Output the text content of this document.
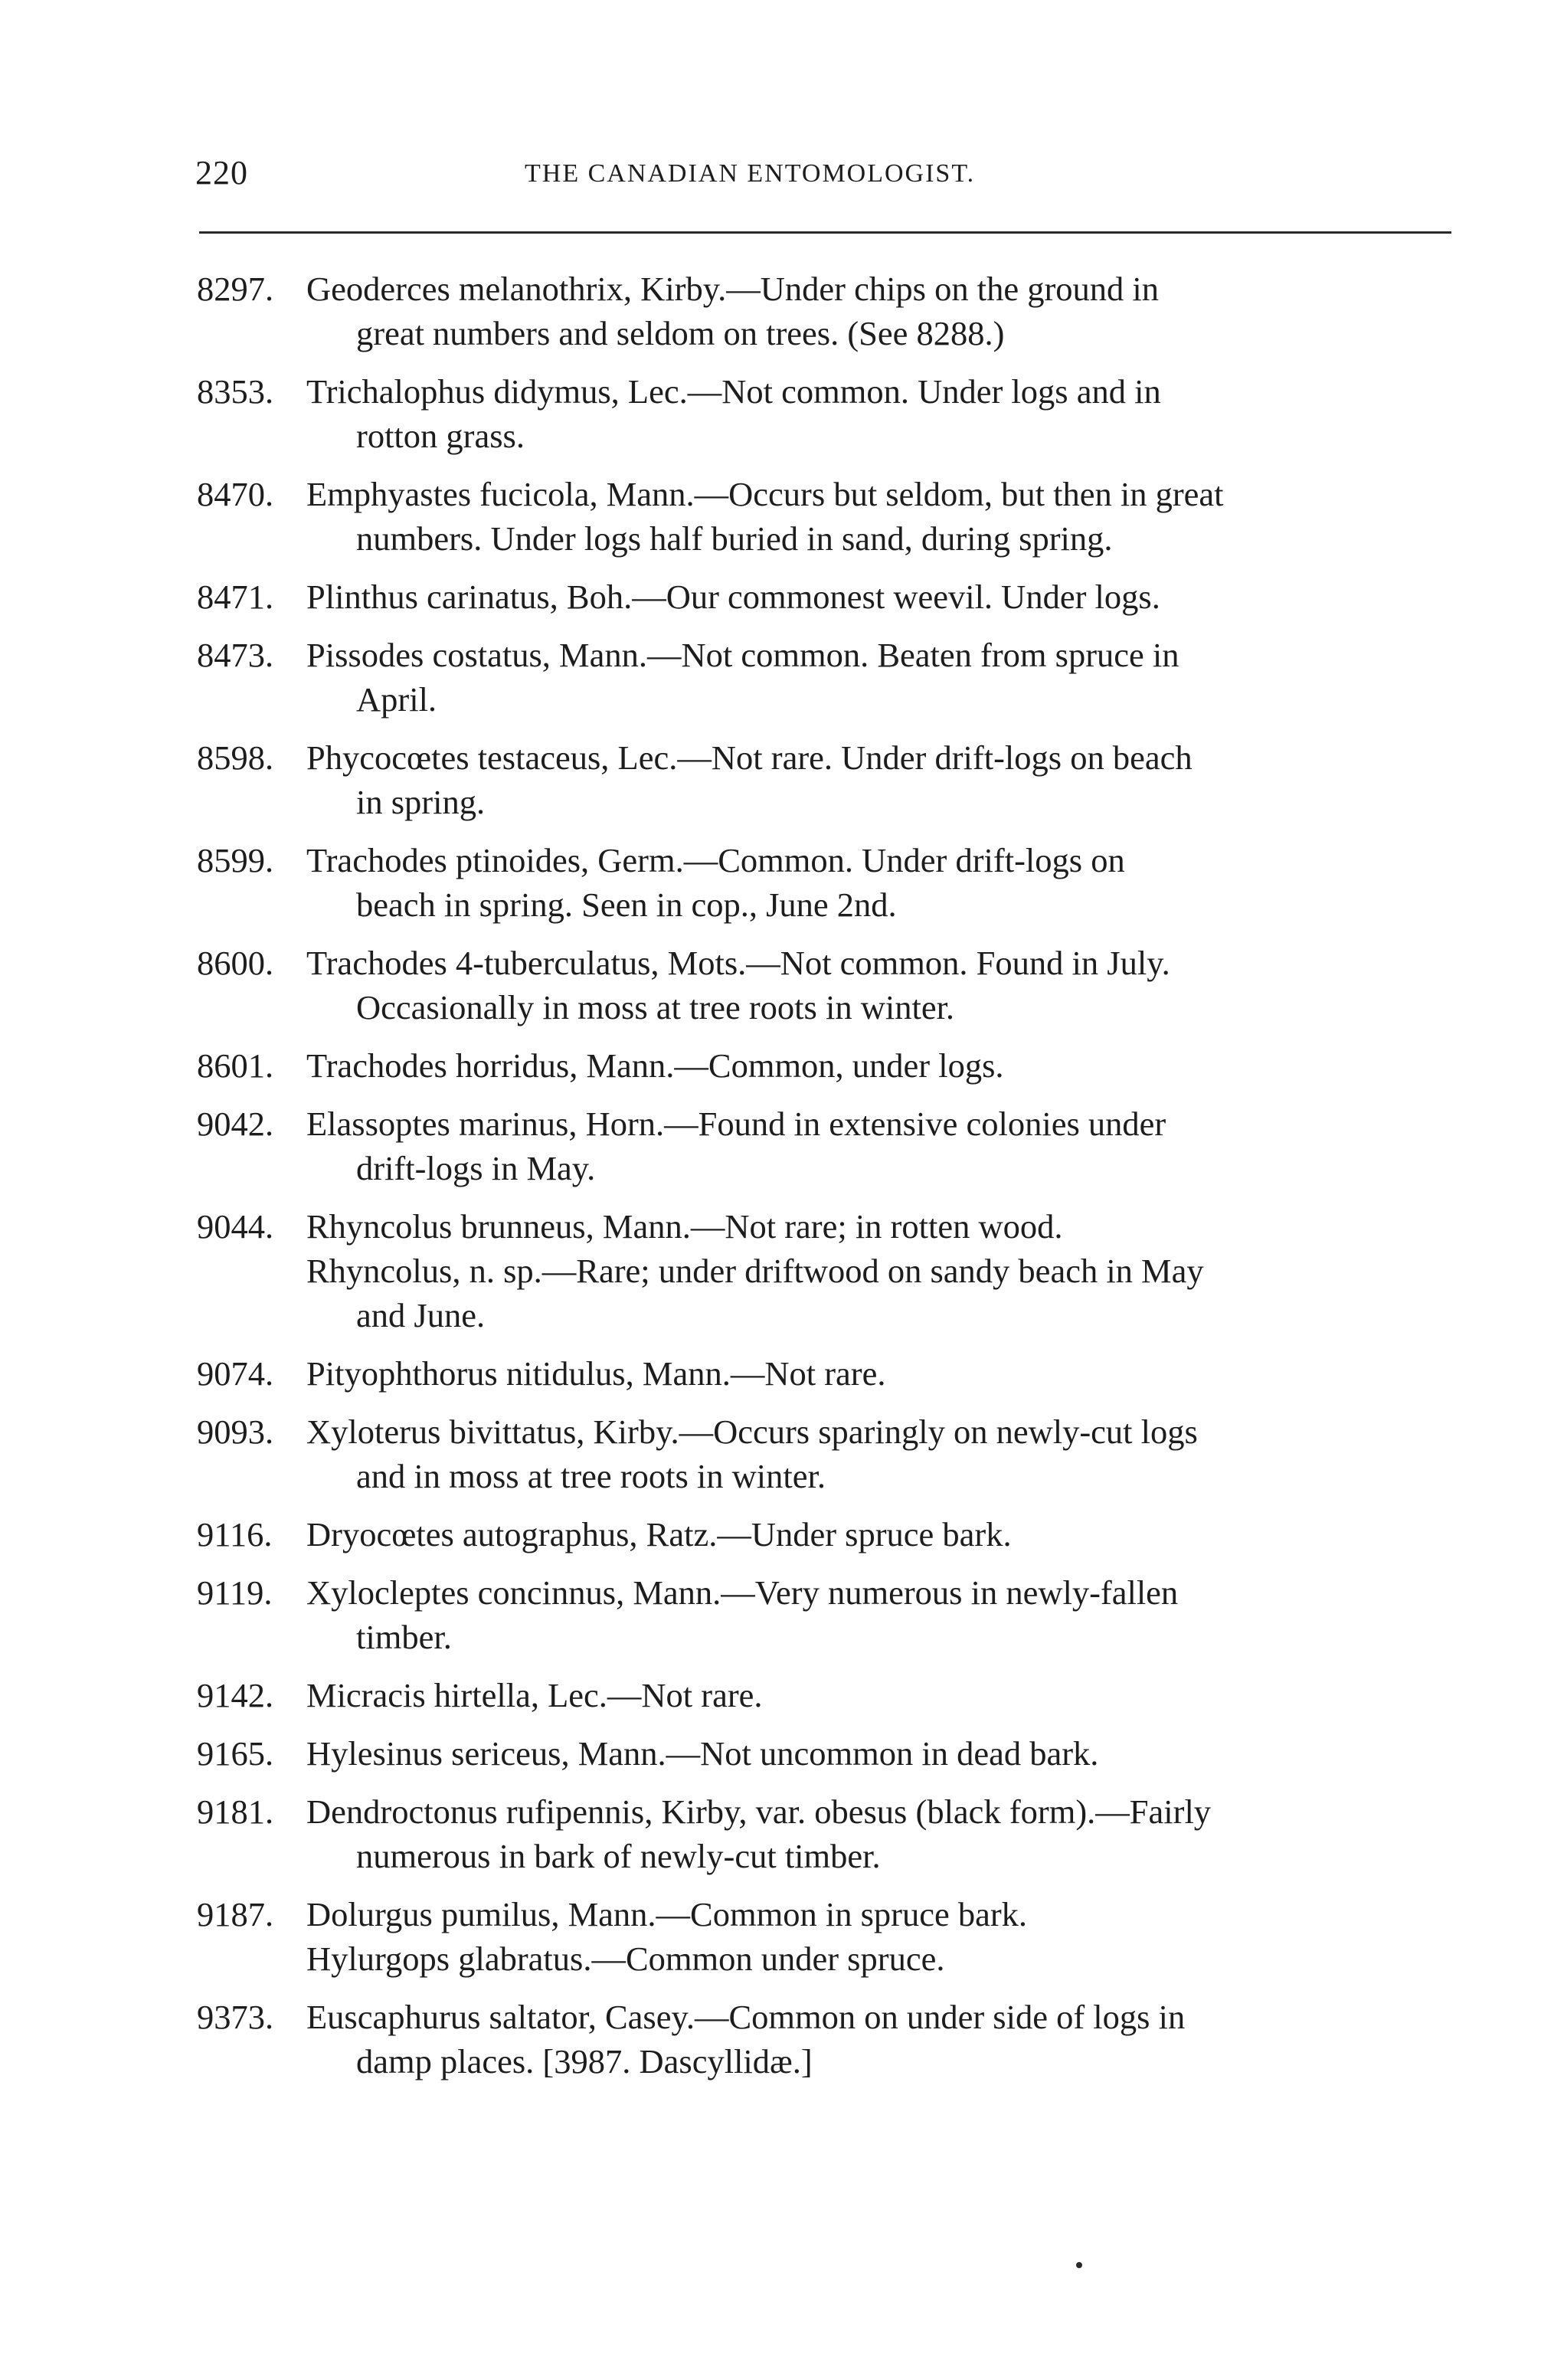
220	THE CANADIAN ENTOMOLOGIST.
8297. Geoderces melanothrix, Kirby.—Under chips on the ground in
great numbers and seldom on trees. (See 8288.)
8353. Trichalophus didymus, Lec.—Not common. Under logs and in
rotton grass.
8470. Emphyastes fucicola, Mann.—Occurs but seldom, but then in great
numbers. Under logs half buried in sand, during spring.
8471. Plinthus carinatus, Boh.—Our commonest weevil. Under logs.
8473. Pissodes costatus, Mann.—Not common. Beaten from spruce in
April.
8598. Phycocœtes testaceus, Lec.—Not rare. Under drift-logs on beach
in spring.
8599. Trachodes ptinoides, Germ.—Common. Under drift-logs on
beach in spring. Seen in cop., June 2nd.
8600. Trachodes 4-tuberculatus, Mots.—Not common. Found in July.
Occasionally in moss at tree roots in winter.
8601. Trachodes horridus, Mann.—Common, under logs.
9042. Elassoptes marinus, Horn.—Found in extensive colonies under
drift-logs in May.
9044. Rhyncolus brunneus, Mann.—Not rare; in rotten wood.
Rhyncolus, n. sp.—Rare; under driftwood on sandy beach in May
and June.
9074. Pityophthorus nitidulus, Mann.—Not rare.
9093. Xyloterus bivittatus, Kirby.—Occurs sparingly on newly-cut logs
and in moss at tree roots in winter.
9116. Dryocœtes autographus, Ratz.—Under spruce bark.
9119. Xylocleptes concinnus, Mann.—Very numerous in newly-fallen
timber.
9142. Micracis hirtella, Lec.—Not rare.
9165. Hylesinus sericeus, Mann.—Not uncommon in dead bark.
9181. Dendroctonus rufipennis, Kirby, var. obesus (black form).—Fairly
numerous in bark of newly-cut timber.
9187. Dolurgus pumilus, Mann.—Common in spruce bark.
Hylurgops glabratus.—Common under spruce.
9373. Euscaphurus saltator, Casey.—Common on under side of logs in
damp places. [3987. Dascyllidæ.]
